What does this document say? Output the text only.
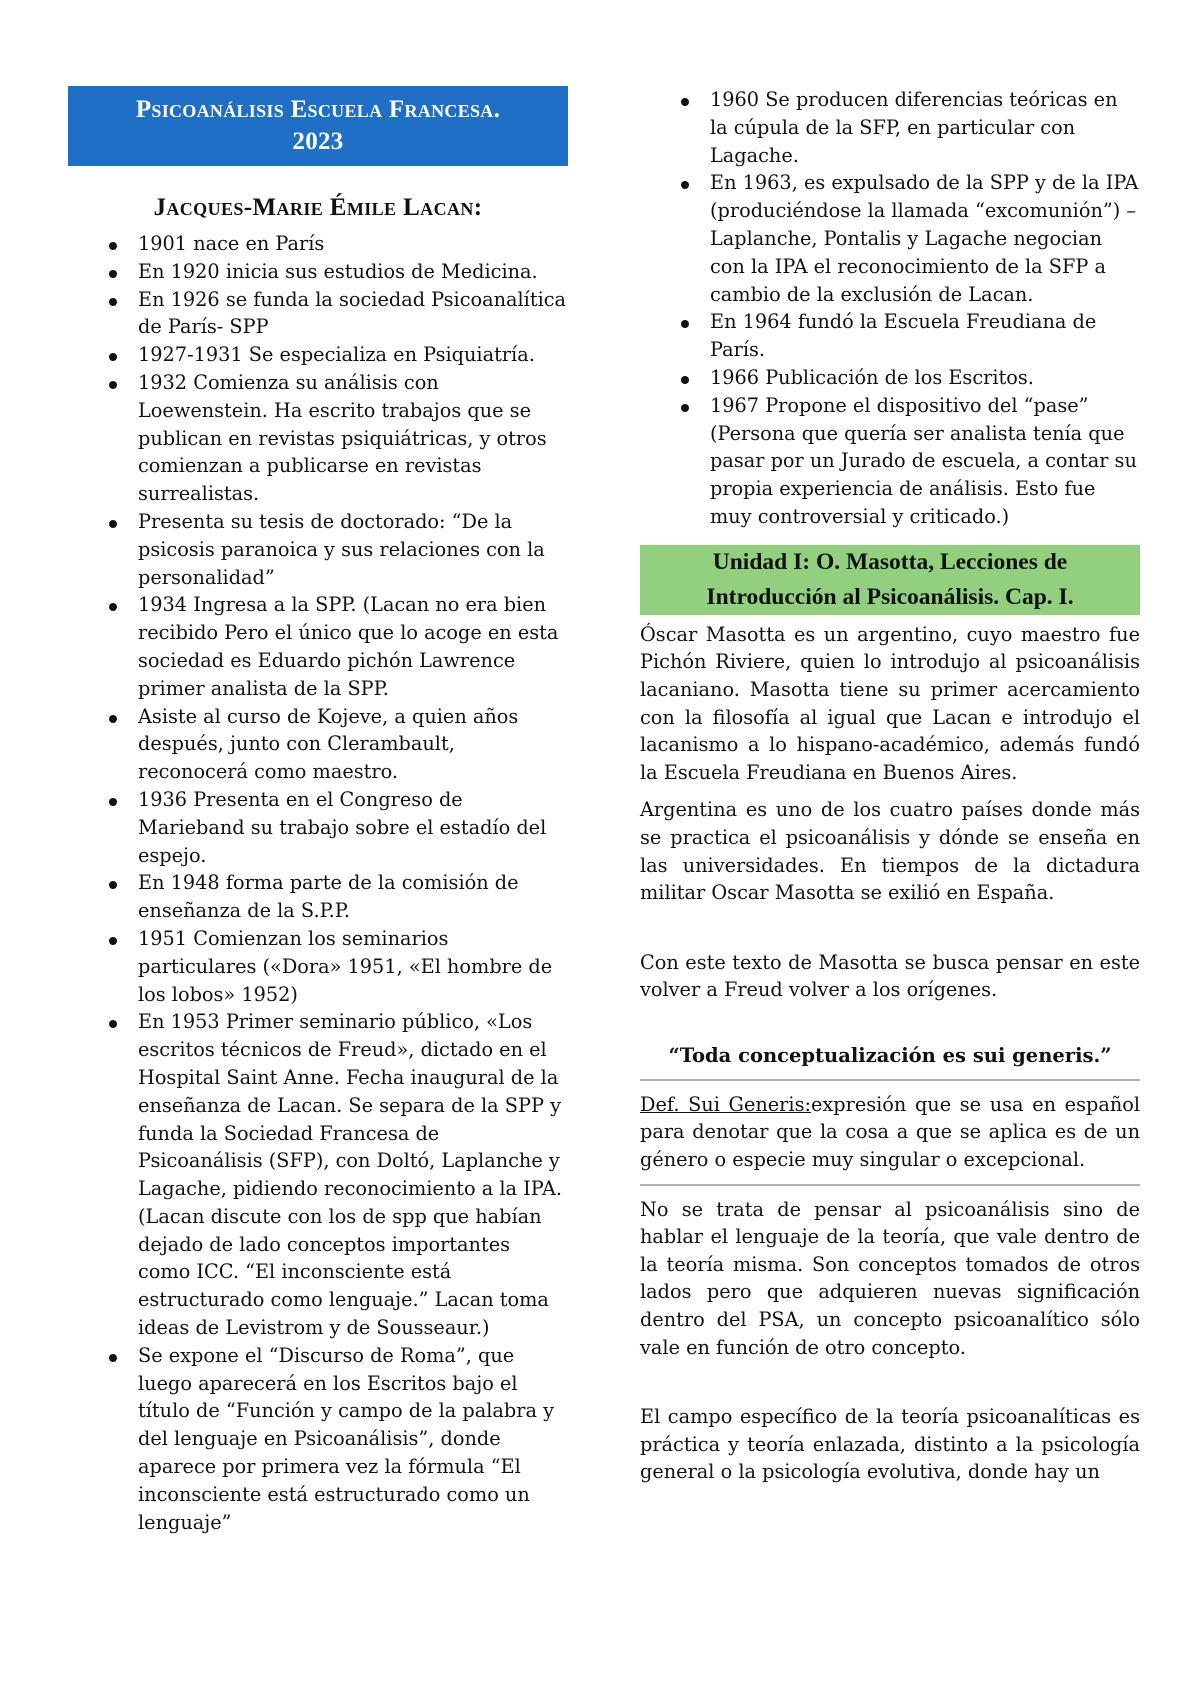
Psicoanálisis Escuela Francesa.
2023
Jacques-Marie Émile Lacan:
1901 nace en París
En 1920 inicia sus estudios de Medicina.
En 1926 se funda la sociedad Psicoanalítica de París- SPP
1927-1931 Se especializa en Psiquiatría.
1932 Comienza su análisis con Loewenstein. Ha escrito trabajos que se publican en revistas psiquiátricas, y otros comienzan a publicarse en revistas surrealistas.
Presenta su tesis de doctorado: “De la psicosis paranoica y sus relaciones con la personalidad”
1934 Ingresa a la SPP. (Lacan no era bien recibido Pero el único que lo acoge en esta sociedad es Eduardo pichón Lawrence primer analista de la SPP.
Asiste al curso de Kojeve, a quien años después, junto con Clerambault, reconocerá como maestro.
1936 Presenta en el Congreso de Marieband su trabajo sobre el estadío del espejo.
En 1948 forma parte de la comisión de enseñanza de la S.P.P.
1951 Comienzan los seminarios particulares («Dora» 1951, «El hombre de los lobos» 1952)
En 1953 Primer seminario público, «Los escritos técnicos de Freud», dictado en el Hospital Saint Anne. Fecha inaugural de la enseñanza de Lacan. Se separa de la SPP y funda la Sociedad Francesa de Psicoanálisis (SFP), con Doltó, Laplanche y Lagache, pidiendo reconocimiento a la IPA. (Lacan discute con los de spp que habían dejado de lado conceptos importantes como ICC. “El inconsciente está estructurado como lenguaje.” Lacan toma ideas de Levistrom y de Sousseaur.)
Se expone el “Discurso de Roma”, que luego aparecerá en los Escritos bajo el título de “Función y campo de la palabra y del lenguaje en Psicoanálisis”, donde aparece por primera vez la fórmula “El inconsciente está estructurado como un lenguaje”
1960 Se producen diferencias teóricas en la cúpula de la SFP, en particular con Lagache.
En 1963, es expulsado de la SPP y de la IPA (produciéndose la llamada “excomunión”) –Laplanche, Pontalis y Lagache negocian con la IPA el reconocimiento de la SFP a cambio de la exclusión de Lacan.
En 1964 fundó la Escuela Freudiana de París.
1966 Publicación de los Escritos.
1967 Propone el dispositivo del “pase” (Persona que quería ser analista tenía que pasar por un Jurado de escuela, a contar su propia experiencia de análisis. Esto fue muy controversial y criticado.)
Unidad I: O. Masotta, Lecciones de
Introducción al Psicoanálisis. Cap. I.

Óscar Masotta es un argentino, cuyo maestro fue Pichón Riviere, quien lo introdujo al psicoanálisis lacaniano. Masotta tiene su primer acercamiento con la filosofía al igual que Lacan e introdujo el lacanismo a lo hispano-académico, además fundó la Escuela Freudiana en Buenos Aires.

Argentina es uno de los cuatro países donde más se practica el psicoanálisis y dónde se enseña en las universidades. En tiempos de la dictadura militar Oscar Masotta se exilió en España.

Con este texto de Masotta se busca pensar en este volver a Freud volver a los orígenes.

“Toda conceptualización es sui generis.”

Def. Sui Generis:expresión que se usa en español para denotar que la cosa a que se aplica es de un género o especie muy singular o excepcional.

No se trata de pensar al psicoanálisis sino de hablar el lenguaje de la teoría, que vale dentro de la teoría misma. Son conceptos tomados de otros lados pero que adquieren nuevas significación dentro del PSA, un concepto psicoanalítico sólo vale en función de otro concepto.

El campo específico de la teoría psicoanalíticas es práctica y teoría enlazada, distinto a la psicología general o la psicología evolutiva, donde hay un
